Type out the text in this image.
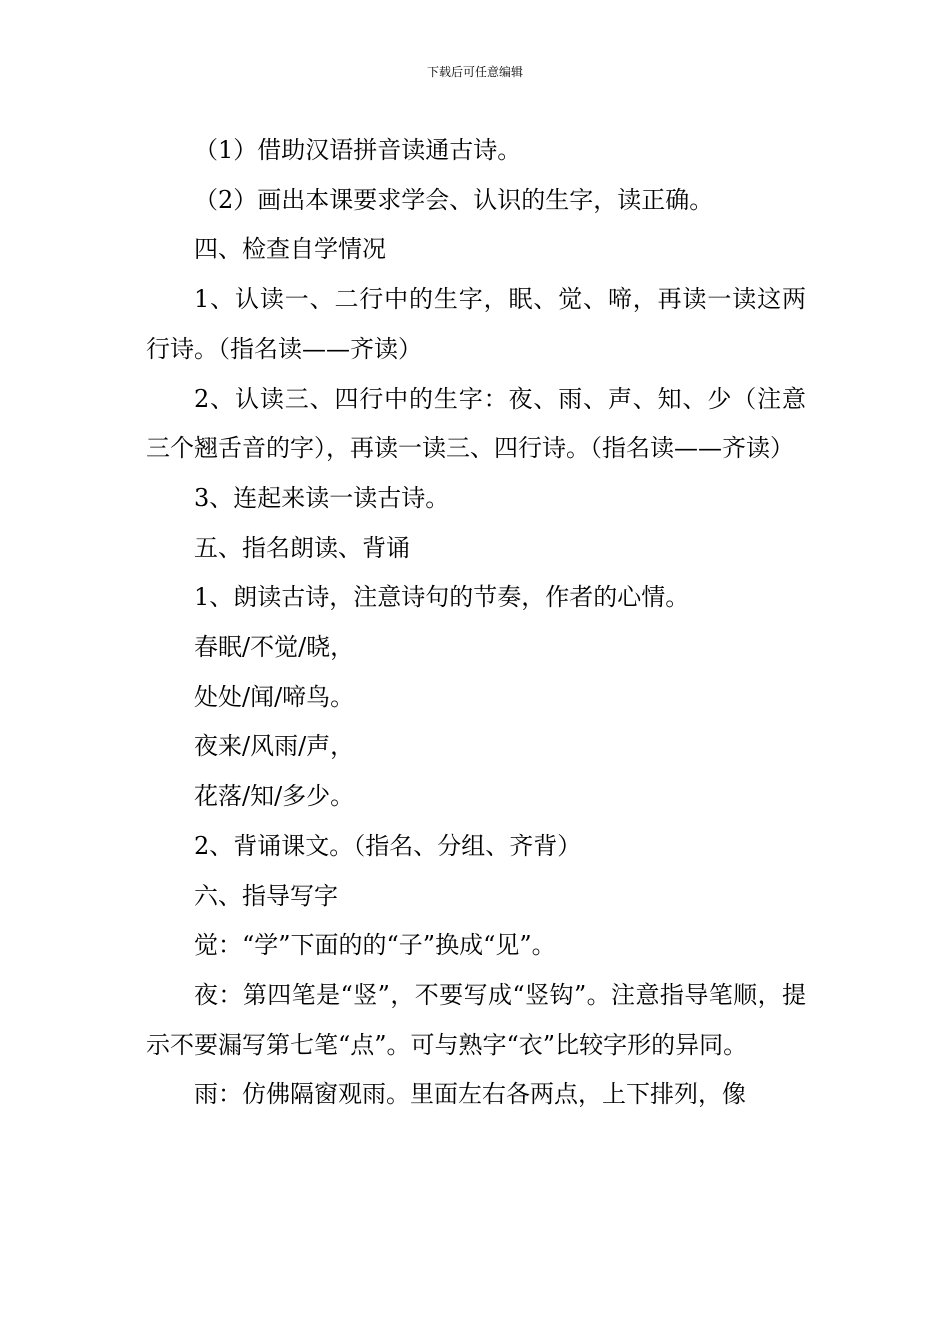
下载后可任意编辑

（1）借助汉语拼音读通古诗。

（2）画出本课要求学会、认识的生字，读正确。

四、检查自学情况

1、认读一、二行中的生字，眠、觉、啼，再读一读这两行诗。（指名读——齐读）

2、认读三、四行中的生字：夜、雨、声、知、少（注意三个翘舌音的字），再读一读三、四行诗。（指名读——齐读）

3、连起来读一读古诗。

五、指名朗读、背诵

1、朗读古诗，注意诗句的节奏，作者的心情。

春眠/不觉/晓，

处处/闻/啼鸟。

夜来/风雨/声，

花落/知/多少。

2、背诵课文。（指名、分组、齐背）

六、指导写字

觉：“学”下面的的“子”换成“见”。

夜：第四笔是“竖”，不要写成“竖钩”。注意指导笔顺，提示不要漏写第七笔“点”。可与熟字“衣”比较字形的异同。

雨：仿佛隔窗观雨。里面左右各两点，上下排列，像
